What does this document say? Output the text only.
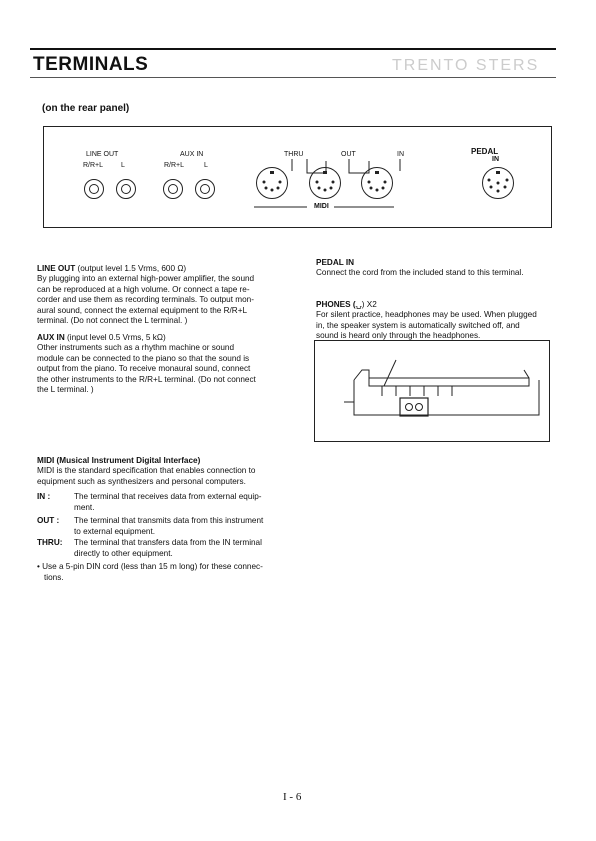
TERMINALS	TRENTO STERS
(on the rear panel)
LINE OUT	AUX IN
R/R+L	L	R/R+L	L
THRU	OUT	IN
MIDI
PEDAL
IN
LINE OUT (output level 1.5 Vrms, 600 Ω)
By plugging into an external high-power amplifier, the sound
can be reproduced at a high volume. Or connect a tape re-
corder and use them as recording terminals. To output mon-
aural sound, connect the external equipment to the R/R+L
terminal. (Do not connect the L terminal. )
AUX IN (input level 0.5 Vrms, 5 kΩ)
Other instruments such as a rhythm machine or sound
module can be connected to the piano so that the sound is
output from the piano. To receive monaural sound, connect
the other instruments to the R/R+L terminal. (Do not connect
the L terminal. )
MIDI (Musical Instrument Digital Interface)
MIDI is the standard specification that enables connection to
equipment such as synthesizers and personal computers.
IN :	The terminal that receives data from external equip-
ment.
OUT : The terminal that transmits data from this instrument
to external equipment.
THRU: The terminal that transfers data from the IN terminal
directly to other equipment.
• Use a 5-pin DIN cord (less than 15 m long) for these connec-
tions.
PEDAL IN
Connect the cord from the included stand to this terminal.
PHONES (⍽) X2
For silent practice, headphones may be used. When plugged
in, the speaker system is automatically switched off, and
sound is heard only through the headphones.
I - 6
